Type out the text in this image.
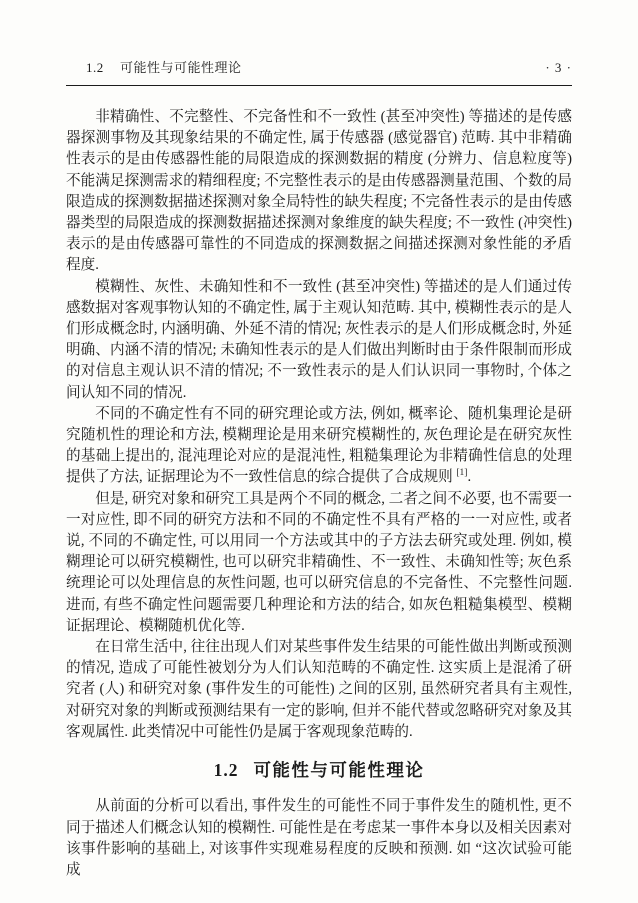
1.2 可能性与可能性理论	· 3 ·

非精确性、不完整性、不完备性和不一致性 (甚至冲突性) 等描述的是传感器探测事物及其现象结果的不确定性, 属于传感器 (感觉器官) 范畴. 其中非精确性表示的是由传感器性能的局限造成的探测数据的精度 (分辨力、信息粒度等) 不能满足探测需求的精细程度; 不完整性表示的是由传感器测量范围、个数的局限造成的探测数据描述探测对象全局特性的缺失程度; 不完备性表示的是由传感器类型的局限造成的探测数据描述探测对象维度的缺失程度; 不一致性 (冲突性) 表示的是由传感器可靠性的不同造成的探测数据之间描述探测对象性能的矛盾程度.

模糊性、灰性、未确知性和不一致性 (甚至冲突性) 等描述的是人们通过传感数据对客观事物认知的不确定性, 属于主观认知范畴. 其中, 模糊性表示的是人们形成概念时, 内涵明确、外延不清的情况; 灰性表示的是人们形成概念时, 外延明确、内涵不清的情况; 未确知性表示的是人们做出判断时由于条件限制而形成的对信息主观认识不清的情况; 不一致性表示的是人们认识同一事物时, 个体之间认知不同的情况.

不同的不确定性有不同的研究理论或方法, 例如, 概率论、随机集理论是研究随机性的理论和方法, 模糊理论是用来研究模糊性的, 灰色理论是在研究灰性的基础上提出的, 混沌理论对应的是混沌性, 粗糙集理论为非精确性信息的处理提供了方法, 证据理论为不一致性信息的综合提供了合成规则 [1].

但是, 研究对象和研究工具是两个不同的概念, 二者之间不必要, 也不需要一一对应性, 即不同的研究方法和不同的不确定性不具有严格的一一对应性, 或者说, 不同的不确定性, 可以用同一个方法或其中的子方法去研究或处理. 例如, 模糊理论可以研究模糊性, 也可以研究非精确性、不一致性、未确知性等; 灰色系统理论可以处理信息的灰性问题, 也可以研究信息的不完备性、不完整性问题. 进而, 有些不确定性问题需要几种理论和方法的结合, 如灰色粗糙集模型、模糊证据理论、模糊随机优化等.

在日常生活中, 往往出现人们对某些事件发生结果的可能性做出判断或预测的情况, 造成了可能性被划分为人们认知范畴的不确定性. 这实质上是混淆了研究者 (人) 和研究对象 (事件发生的可能性) 之间的区别, 虽然研究者具有主观性, 对研究对象的判断或预测结果有一定的影响, 但并不能代替或忽略研究对象及其客观属性. 此类情况中可能性仍是属于客观现象范畴的.

1.2 可能性与可能性理论

从前面的分析可以看出, 事件发生的可能性不同于事件发生的随机性, 更不同于描述人们概念认知的模糊性. 可能性是在考虑某一事件本身以及相关因素对该事件影响的基础上, 对该事件实现难易程度的反映和预测. 如 “这次试验可能成
